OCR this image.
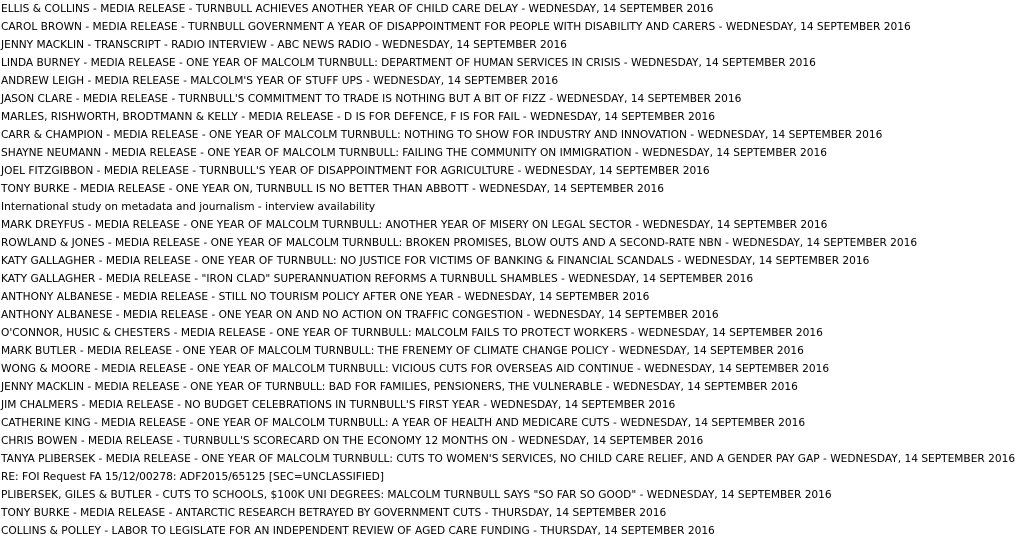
ELLIS & COLLINS - MEDIA RELEASE - TURNBULL ACHIEVES ANOTHER YEAR OF CHILD CARE DELAY - WEDNESDAY, 14 SEPTEMBER 2016
CAROL BROWN - MEDIA RELEASE - TURNBULL GOVERNMENT A YEAR OF DISAPPOINTMENT FOR PEOPLE WITH DISABILITY AND CARERS - WEDNESDAY, 14 SEPTEMBER 2016
JENNY MACKLIN - TRANSCRIPT - RADIO INTERVIEW - ABC NEWS RADIO - WEDNESDAY, 14 SEPTEMBER 2016
LINDA BURNEY - MEDIA RELEASE - ONE YEAR OF MALCOLM TURNBULL: DEPARTMENT OF HUMAN SERVICES IN CRISIS - WEDNESDAY, 14 SEPTEMBER 2016
ANDREW LEIGH - MEDIA RELEASE - MALCOLM'S YEAR OF STUFF UPS - WEDNESDAY, 14 SEPTEMBER 2016
JASON CLARE - MEDIA RELEASE - TURNBULL'S COMMITMENT TO TRADE IS NOTHING BUT A BIT OF FIZZ - WEDNESDAY, 14 SEPTEMBER 2016
MARLES, RISHWORTH, BRODTMANN & KELLY - MEDIA RELEASE - D IS FOR DEFENCE, F IS FOR FAIL - WEDNESDAY, 14 SEPTEMBER 2016
CARR & CHAMPION - MEDIA RELEASE - ONE YEAR OF MALCOLM TURNBULL: NOTHING TO SHOW FOR INDUSTRY AND INNOVATION - WEDNESDAY, 14 SEPTEMBER 2016
SHAYNE NEUMANN - MEDIA RELEASE - ONE YEAR OF MALCOLM TURNBULL: FAILING THE COMMUNITY ON IMMIGRATION - WEDNESDAY, 14 SEPTEMBER 2016
JOEL FITZGIBBON - MEDIA RELEASE - TURNBULL'S YEAR OF DISAPPOINTMENT FOR AGRICULTURE - WEDNESDAY, 14 SEPTEMBER 2016
TONY BURKE - MEDIA RELEASE - ONE YEAR ON, TURNBULL IS NO BETTER THAN ABBOTT - WEDNESDAY, 14 SEPTEMBER 2016
International study on metadata and journalism - interview availability
MARK DREYFUS - MEDIA RELEASE - ONE YEAR OF MALCOLM TURNBULL: ANOTHER YEAR OF MISERY ON LEGAL SECTOR - WEDNESDAY, 14 SEPTEMBER 2016
ROWLAND & JONES - MEDIA RELEASE - ONE YEAR OF MALCOLM TURNBULL: BROKEN PROMISES, BLOW OUTS AND A SECOND-RATE NBN - WEDNESDAY, 14 SEPTEMBER 2016
KATY GALLAGHER - MEDIA RELEASE - ONE YEAR OF TURNBULL: NO JUSTICE FOR VICTIMS OF BANKING & FINANCIAL SCANDALS - WEDNESDAY, 14 SEPTEMBER 2016
KATY GALLAGHER - MEDIA RELEASE - "IRON CLAD" SUPERANNUATION REFORMS A TURNBULL SHAMBLES - WEDNESDAY, 14 SEPTEMBER 2016
ANTHONY ALBANESE - MEDIA RELEASE - STILL NO TOURISM POLICY AFTER ONE YEAR - WEDNESDAY, 14 SEPTEMBER 2016
ANTHONY ALBANESE - MEDIA RELEASE - ONE YEAR ON AND NO ACTION ON TRAFFIC CONGESTION - WEDNESDAY, 14 SEPTEMBER 2016
O'CONNOR, HUSIC & CHESTERS - MEDIA RELEASE - ONE YEAR OF TURNBULL: MALCOLM FAILS TO PROTECT WORKERS - WEDNESDAY, 14 SEPTEMBER 2016
MARK BUTLER - MEDIA RELEASE - ONE YEAR OF MALCOLM TURNBULL: THE FRENEMY OF CLIMATE CHANGE POLICY - WEDNESDAY, 14 SEPTEMBER 2016
WONG & MOORE - MEDIA RELEASE - ONE YEAR OF MALCOLM TURNBULL: VICIOUS CUTS FOR OVERSEAS AID CONTINUE - WEDNESDAY, 14 SEPTEMBER 2016
JENNY MACKLIN - MEDIA RELEASE - ONE YEAR OF TURNBULL: BAD FOR FAMILIES, PENSIONERS, THE VULNERABLE - WEDNESDAY, 14 SEPTEMBER 2016
JIM CHALMERS - MEDIA RELEASE - NO BUDGET CELEBRATIONS IN TURNBULL'S FIRST YEAR - WEDNESDAY, 14 SEPTEMBER 2016
CATHERINE KING - MEDIA RELEASE - ONE YEAR OF MALCOLM TURNBULL: A YEAR OF HEALTH AND MEDICARE CUTS - WEDNESDAY, 14 SEPTEMBER 2016
CHRIS BOWEN - MEDIA RELEASE - TURNBULL'S SCORECARD ON THE ECONOMY 12 MONTHS ON - WEDNESDAY, 14 SEPTEMBER 2016
TANYA PLIBERSEK - MEDIA RELEASE - ONE YEAR OF MALCOLM TURNBULL: CUTS TO WOMEN'S SERVICES, NO CHILD CARE RELIEF, AND A GENDER PAY GAP - WEDNESDAY, 14 SEPTEMBER 2016
RE: FOI Request FA 15/12/00278: ADF2015/65125 [SEC=UNCLASSIFIED]
PLIBERSEK, GILES & BUTLER - CUTS TO SCHOOLS, $100K UNI DEGREES: MALCOLM TURNBULL SAYS "SO FAR SO GOOD" - WEDNESDAY, 14 SEPTEMBER 2016
TONY BURKE - MEDIA RELEASE - ANTARCTIC RESEARCH BETRAYED BY GOVERNMENT CUTS - THURSDAY, 14 SEPTEMBER 2016
COLLINS & POLLEY - LABOR TO LEGISLATE FOR AN INDEPENDENT REVIEW OF AGED CARE FUNDING - THURSDAY, 14 SEPTEMBER 2016
